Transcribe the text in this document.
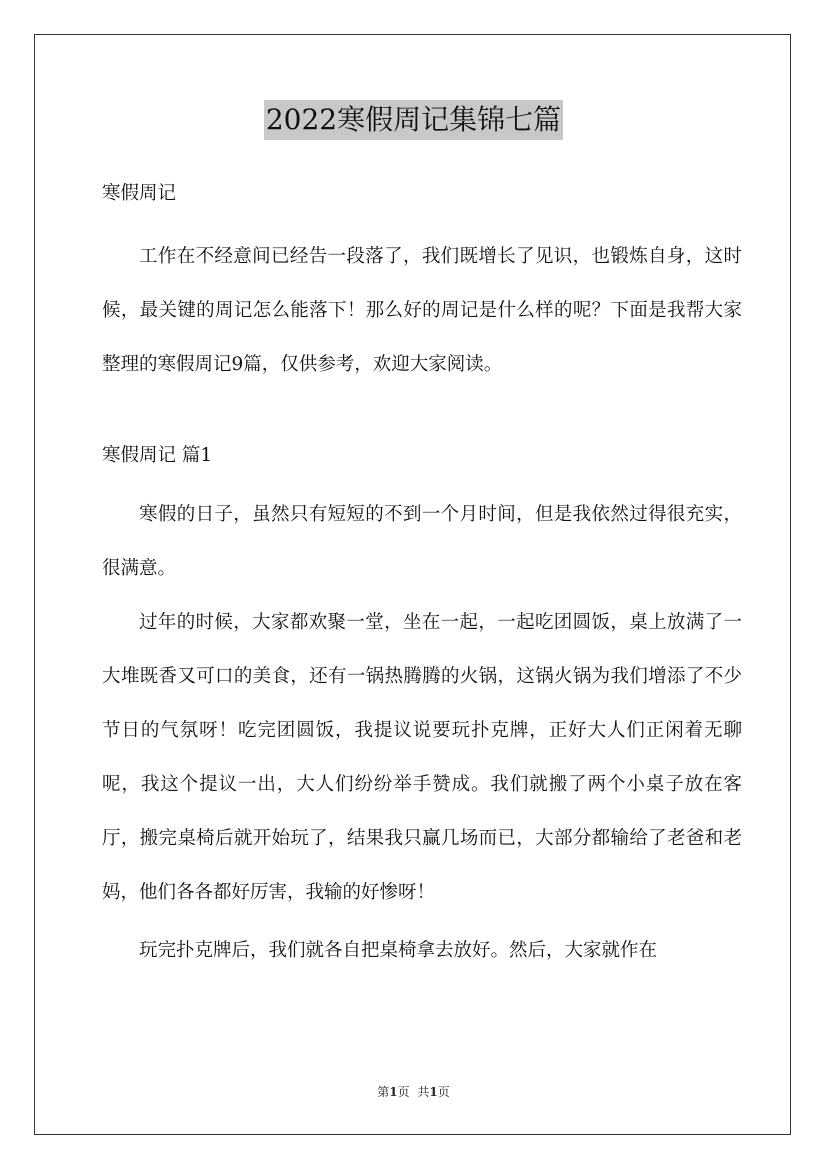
2022寒假周记集锦七篇

寒假周记

工作在不经意间已经告一段落了，我们既增长了见识，也锻炼自身，这时候，最关键的周记怎么能落下！那么好的周记是什么样的呢？下面是我帮大家整理的寒假周记9篇，仅供参考，欢迎大家阅读。

寒假周记 篇1

寒假的日子，虽然只有短短的不到一个月时间，但是我依然过得很充实，很满意。

过年的时候，大家都欢聚一堂，坐在一起，一起吃团圆饭，桌上放满了一大堆既香又可口的美食，还有一锅热腾腾的火锅，这锅火锅为我们增添了不少节日的气氛呀！吃完团圆饭，我提议说要玩扑克牌，正好大人们正闲着无聊呢，我这个提议一出，大人们纷纷举手赞成。我们就搬了两个小桌子放在客厅，搬完桌椅后就开始玩了，结果我只赢几场而已，大部分都输给了老爸和老妈，他们各各都好厉害，我输的好惨呀！

玩完扑克牌后，我们就各自把桌椅拿去放好。然后，大家就作在

第1页 共1页
